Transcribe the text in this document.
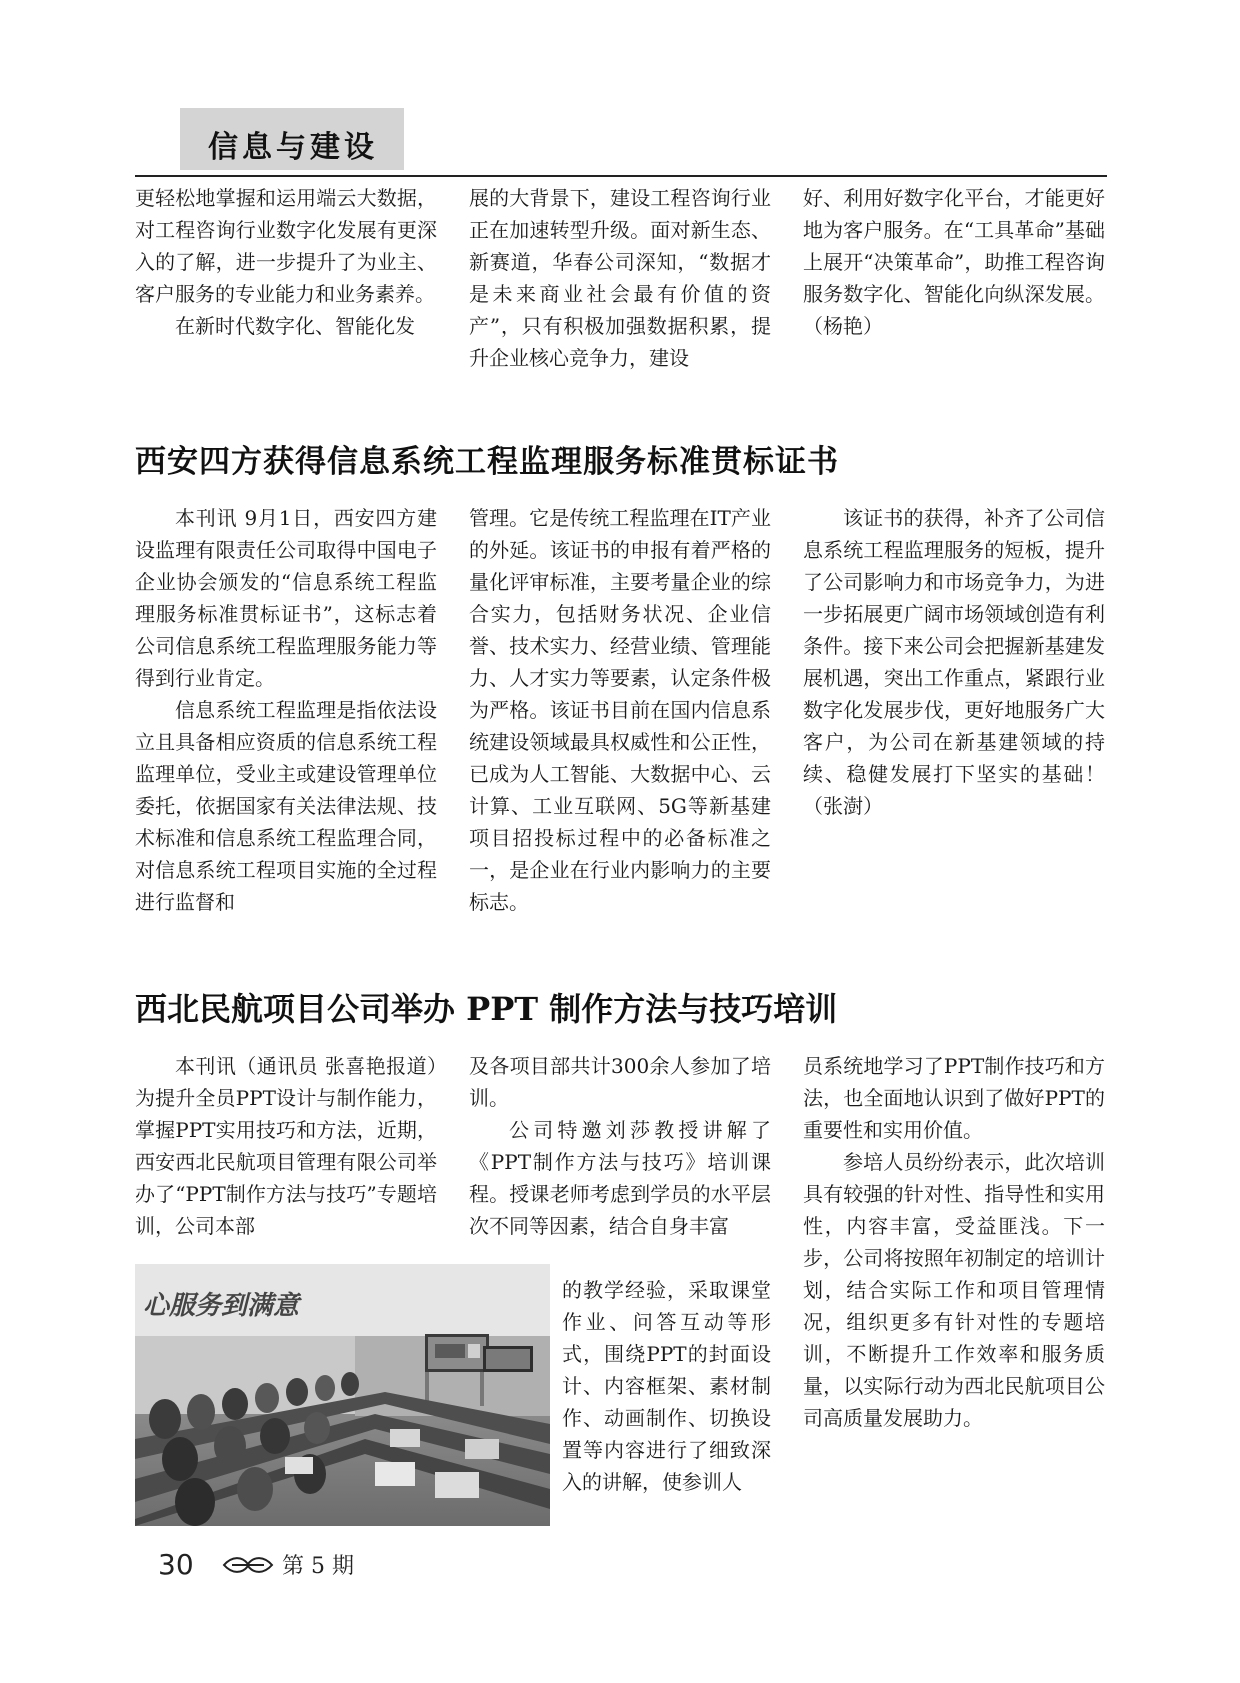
信息与建设

更轻松地掌握和运用端云大数据，对工程咨询行业数字化发展有更深入的了解，进一步提升了为业主、客户服务的专业能力和业务素养。

在新时代数字化、智能化发

展的大背景下，建设工程咨询行业正在加速转型升级。面对新生态、新赛道，华春公司深知，“数据才是未来商业社会最有价值的资产”，只有积极加强数据积累，提升企业核心竞争力，建设

好、利用好数字化平台，才能更好地为客户服务。在“工具革命”基础上展开“决策革命”，助推工程咨询服务数字化、智能化向纵深发展。（杨艳）

西安四方获得信息系统工程监理服务标准贯标证书

本刊讯 9月1日，西安四方建设监理有限责任公司取得中国电子企业协会颁发的“信息系统工程监理服务标准贯标证书”，这标志着公司信息系统工程监理服务能力等得到行业肯定。

信息系统工程监理是指依法设立且具备相应资质的信息系统工程监理单位，受业主或建设管理单位委托，依据国家有关法律法规、技术标准和信息系统工程监理合同，对信息系统工程项目实施的全过程进行监督和

管理。它是传统工程监理在IT产业的外延。该证书的申报有着严格的量化评审标准，主要考量企业的综合实力，包括财务状况、企业信誉、技术实力、经营业绩、管理能力、人才实力等要素，认定条件极为严格。该证书目前在国内信息系统建设领域最具权威性和公正性，已成为人工智能、大数据中心、云计算、工业互联网、5G等新基建项目招投标过程中的必备标准之一，是企业在行业内影响力的主要标志。

该证书的获得，补齐了公司信息系统工程监理服务的短板，提升了公司影响力和市场竞争力，为进一步拓展更广阔市场领域创造有利条件。接下来公司会把握新基建发展机遇，突出工作重点，紧跟行业数字化发展步伐，更好地服务广大客户，为公司在新基建领域的持续、稳健发展打下坚实的基础！（张澍）

西北民航项目公司举办 PPT 制作方法与技巧培训

本刊讯（通讯员 张喜艳报道）为提升全员PPT设计与制作能力，掌握PPT实用技巧和方法，近期，西安西北民航项目管理有限公司举办了“PPT制作方法与技巧”专题培训，公司本部

及各项目部共计300余人参加了培训。

公司特邀刘莎教授讲解了《PPT制作方法与技巧》培训课程。授课老师考虑到学员的水平层次不同等因素，结合自身丰富

的教学经验，采取课堂作业、问答互动等形式，围绕PPT的封面设计、内容框架、素材制作、动画制作、切换设置等内容进行了细致深入的讲解，使参训人

员系统地学习了PPT制作技巧和方法，也全面地认识到了做好PPT的重要性和实用价值。

参培人员纷纷表示，此次培训具有较强的针对性、指导性和实用性，内容丰富，受益匪浅。下一步，公司将按照年初制定的培训计划，结合实际工作和项目管理情况，组织更多有针对性的专题培训，不断提升工作效率和服务质量，以实际行动为西北民航项目公司高质量发展助力。

心服务到满意
30	第 5 期
